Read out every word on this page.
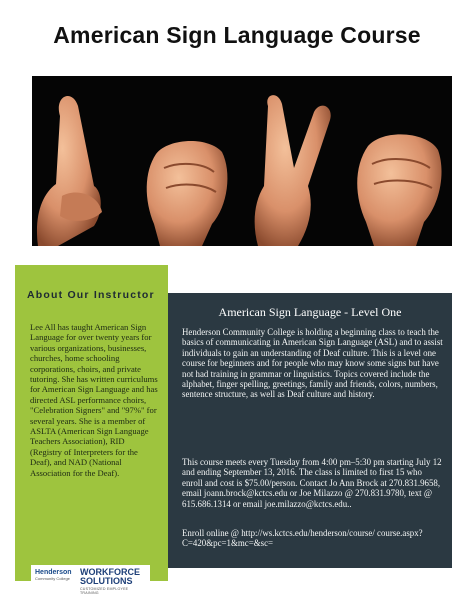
American Sign Language Course
About Our Instructor
Lee All has taught American Sign Language for over twenty years for various organizations, businesses, churches, home schooling corporations, choirs, and private tutoring. She has written curriculums for American Sign Language and has directed ASL performance choirs, "Celebration Signers" and "97%" for several years. She is a member of ASLTA (American Sign Language Teachers Association), RID (Registry of Interpreters for the Deaf), and NAD (National Association for the Deaf).
American Sign Language - Level One

Henderson Community College is holding a beginning class to teach the basics of communicating in American Sign Language (ASL) and to assist individuals to gain an understanding of Deaf culture. This is a level one course for beginners and for people who may know some signs but have not had training in grammar or linguistics. Topics covered include the alphabet, finger spelling, greetings, family and friends, colors, numbers, sentence structure, as well as Deaf culture and history.

This course meets every Tuesday from 4:00 pm–5:30 pm starting July 12 and ending September 13, 2016. The class is limited to first 15 who enroll and cost is $75.00/person. Contact Jo Ann Brock at 270.831.9658, email joann.brock@kctcs.edu or Joe Milazzo @ 270.831.9780, text @ 615.686.1314 or email joe.milazzo@kctcs.edu..

Enroll online @ http://ws.kctcs.edu/henderson/course/ course.aspx?C=420&pc=1&mc=&sc=

Henderson
Community College
WORKFORCE
SOLUTIONS
CUSTOMIZED EMPLOYEE TRAINING
